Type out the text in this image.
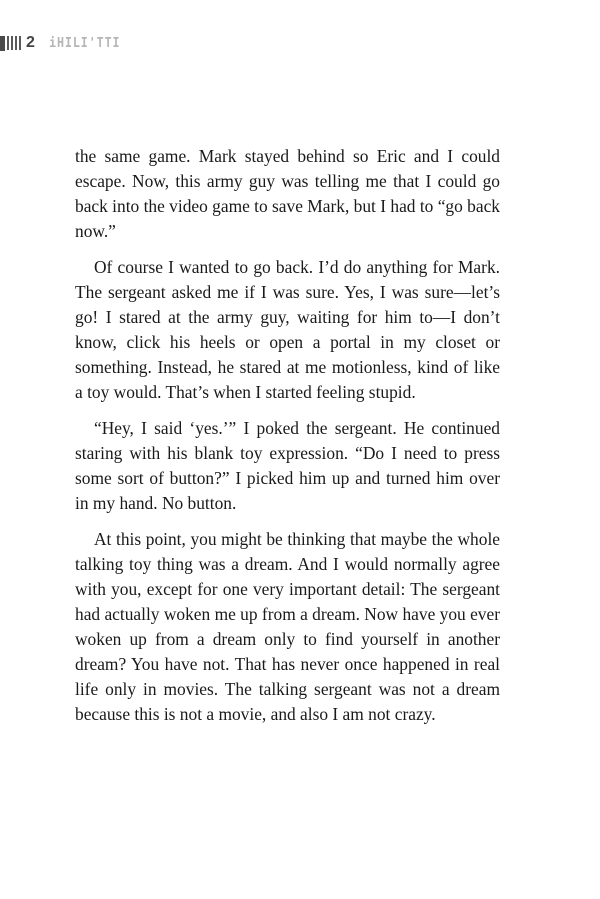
2 iHILI'TTI

the same game. Mark stayed behind so Eric and I could escape. Now, this army guy was telling me that I could go back into the video game to save Mark, but I had to “go back now.”

Of course I wanted to go back. I’d do anything for Mark. The sergeant asked me if I was sure. Yes, I was sure—let’s go! I stared at the army guy, waiting for him to—I don’t know, click his heels or open a portal in my closet or something. Instead, he stared at me motionless, kind of like a toy would. That’s when I started feeling stupid.

“Hey, I said ‘yes.’” I poked the sergeant. He continued staring with his blank toy expression. “Do I need to press some sort of button?” I picked him up and turned him over in my hand. No button.

At this point, you might be thinking that maybe the whole talking toy thing was a dream. And I would normally agree with you, except for one very important detail: The sergeant had actually woken me up from a dream. Now have you ever woken up from a dream only to find yourself in another dream? You have not. That has never once happened in real life only in movies. The talking sergeant was not a dream because this is not a movie, and also I am not crazy.
